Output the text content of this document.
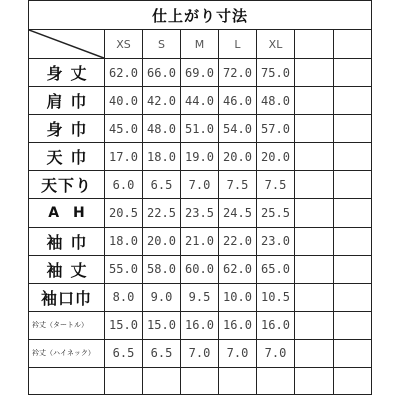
仕上がり寸法							

	XS	S	M	L	XL		
身丈	62.0	66.0	69.0	72.0	75.0		
肩巾	40.0	42.0	44.0	46.0	48.0		
身巾	45.0	48.0	51.0	54.0	57.0		
天巾	17.0	18.0	19.0	20.0	20.0		
天下り	6.0	6.5	7.0	7.5	7.5		
AH	20.5	22.5	23.5	24.5	25.5		
袖巾	18.0	20.0	21.0	22.0	23.0		
袖丈	55.0	58.0	60.0	62.0	65.0		
袖口巾	8.0	9.0	9.5	10.0	10.5		
衿丈（タートル）	15.0	15.0	16.0	16.0	16.0		
衿丈（ハイネック）	6.5	6.5	7.0	7.0	7.0		
